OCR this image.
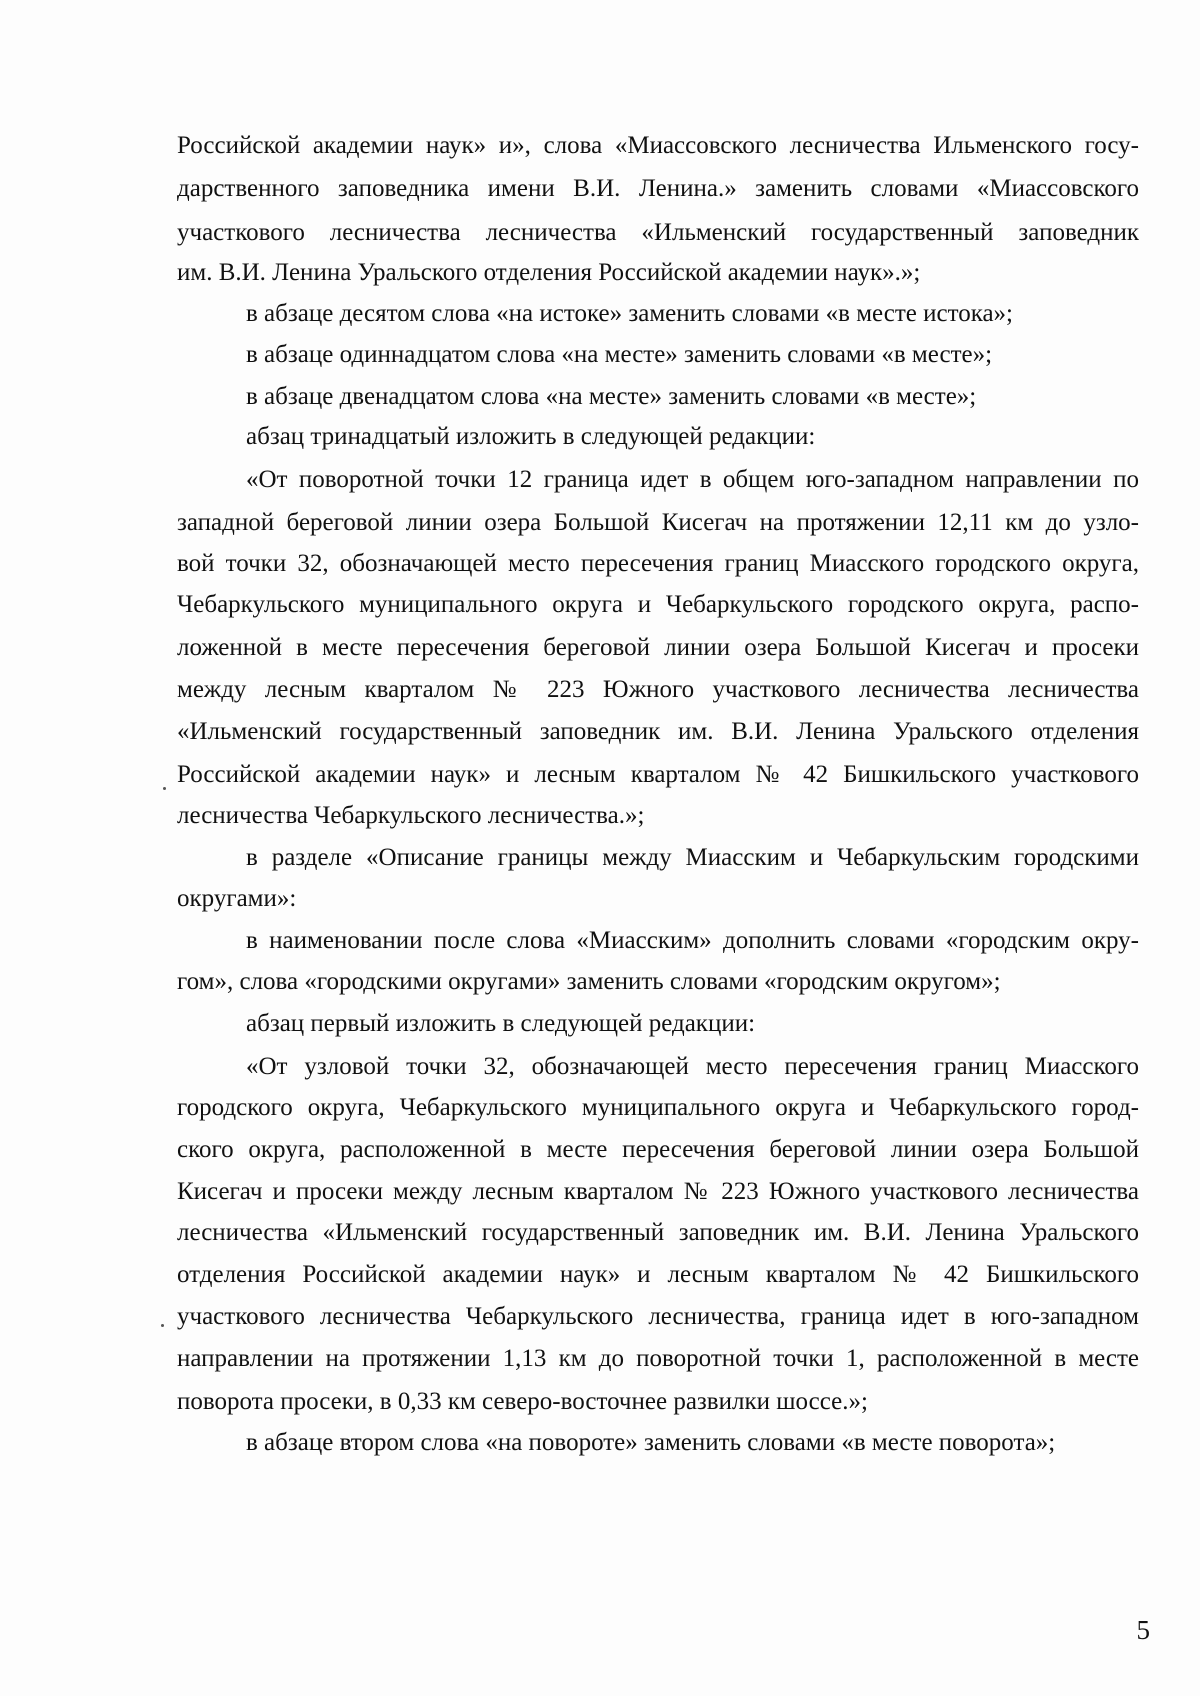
Российской академии наук» и», слова «Миассовского лесничества Ильменского госу-
дарственного заповедника имени В.И. Ленина.» заменить словами «Миассовского
участкового лесничества лесничества «Ильменский государственный заповедник
им. В.И. Ленина Уральского отделения Российской академии наук».»;
в абзаце десятом слова «на истоке» заменить словами «в месте истока»;
в абзаце одиннадцатом слова «на месте» заменить словами «в месте»;
в абзаце двенадцатом слова «на месте» заменить словами «в месте»;
абзац тринадцатый изложить в следующей редакции:
«От поворотной точки 12 граница идет в общем юго-западном направлении по
западной береговой линии озера Большой Кисегач на протяжении 12,11 км до узло-
вой точки 32, обозначающей место пересечения границ Миасского городского округа,
Чебаркульского муниципального округа и Чебаркульского городского округа, распо-
ложенной в месте пересечения береговой линии озера Большой Кисегач и просеки
между лесным кварталом № 223 Южного участкового лесничества лесничества
«Ильменский государственный заповедник им. В.И. Ленина Уральского отделения
Российской академии наук» и лесным кварталом № 42 Бишкильского участкового
лесничества Чебаркульского лесничества.»;
в разделе «Описание границы между Миасским и Чебаркульским городскими
округами»:
в наименовании после слова «Миасским» дополнить словами «городским окру-
гом», слова «городскими округами» заменить словами «городским округом»;
абзац первый изложить в следующей редакции:
«От узловой точки 32, обозначающей место пересечения границ Миасского
городского округа, Чебаркульского муниципального округа и Чебаркульского город-
ского округа, расположенной в месте пересечения береговой линии озера Большой
Кисегач и просеки между лесным кварталом № 223 Южного участкового лесничества
лесничества «Ильменский государственный заповедник им. В.И. Ленина Уральского
отделения Российской академии наук» и лесным кварталом № 42 Бишкильского
участкового лесничества Чебаркульского лесничества, граница идет в юго-западном
направлении на протяжении 1,13 км до поворотной точки 1, расположенной в месте
поворота просеки, в 0,33 км северо-восточнее развилки шоссе.»;
в абзаце втором слова «на повороте» заменить словами «в месте поворота»;
5
